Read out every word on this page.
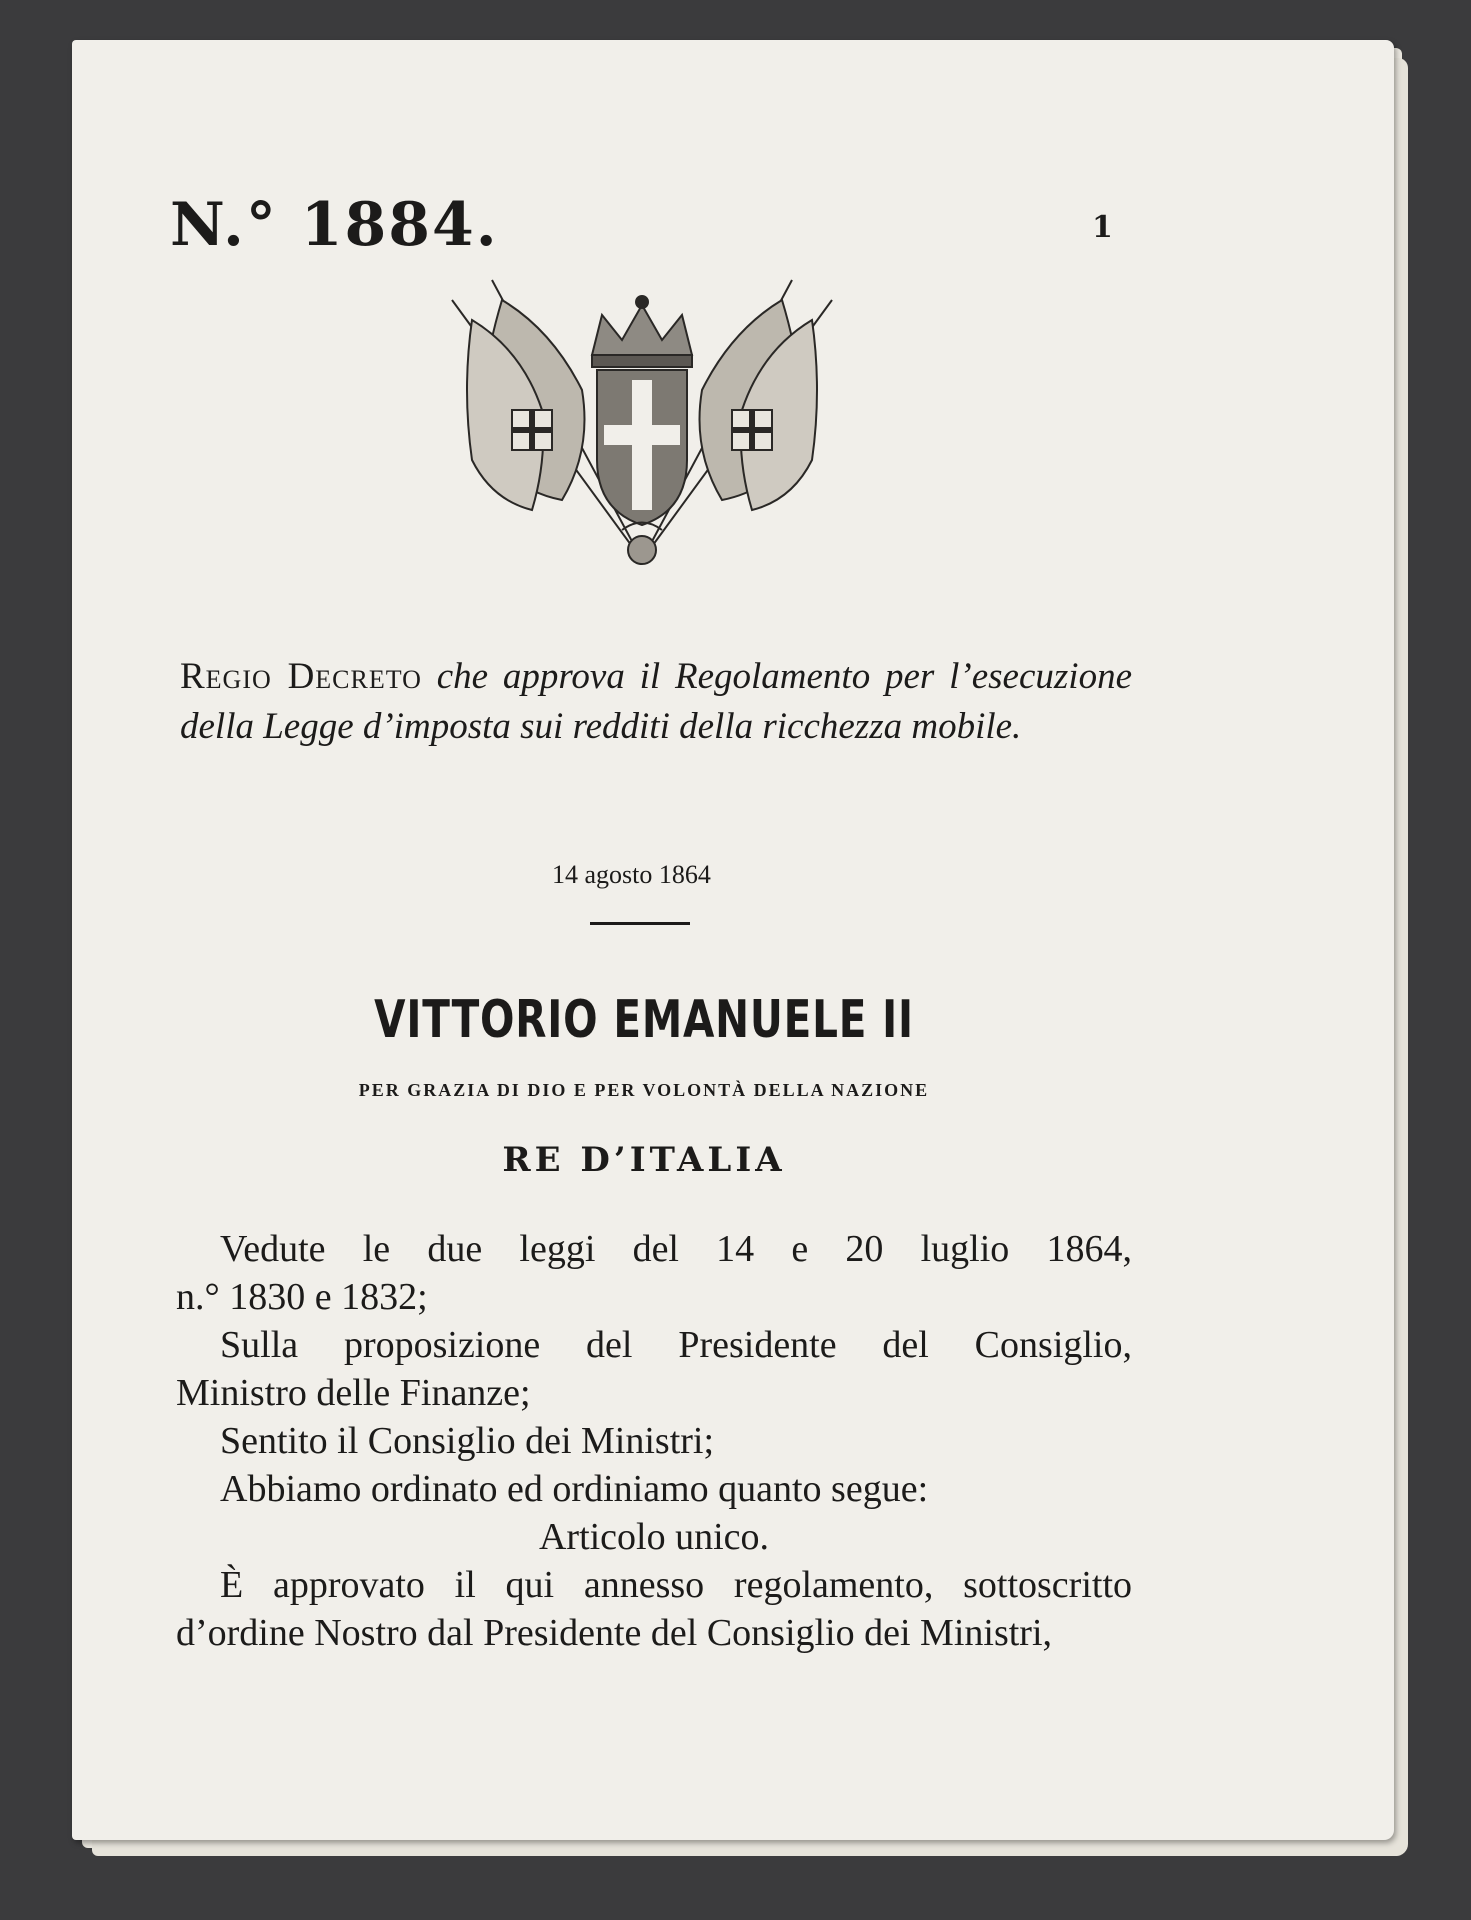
N.° 1884.	1
Regio Decreto che approva il Regolamento per l’esecuzione della Legge d’imposta sui redditi della ricchezza mobile.
14 agosto 1864
VITTORIO EMANUELE II
PER GRAZIA DI DIO E PER VOLONTÀ DELLA NAZIONE
RE D’ITALIA

Vedute le due leggi del 14 e 20 luglio 1864,

n.° 1830 e 1832;

Sulla proposizione del Presidente del Consiglio,

Ministro delle Finanze;

Sentito il Consiglio dei Ministri;

Abbiamo ordinato ed ordiniamo quanto segue:

Articolo unico.

È approvato il qui annesso regolamento, sottoscritto

d’ordine Nostro dal Presidente del Consiglio dei Ministri,
